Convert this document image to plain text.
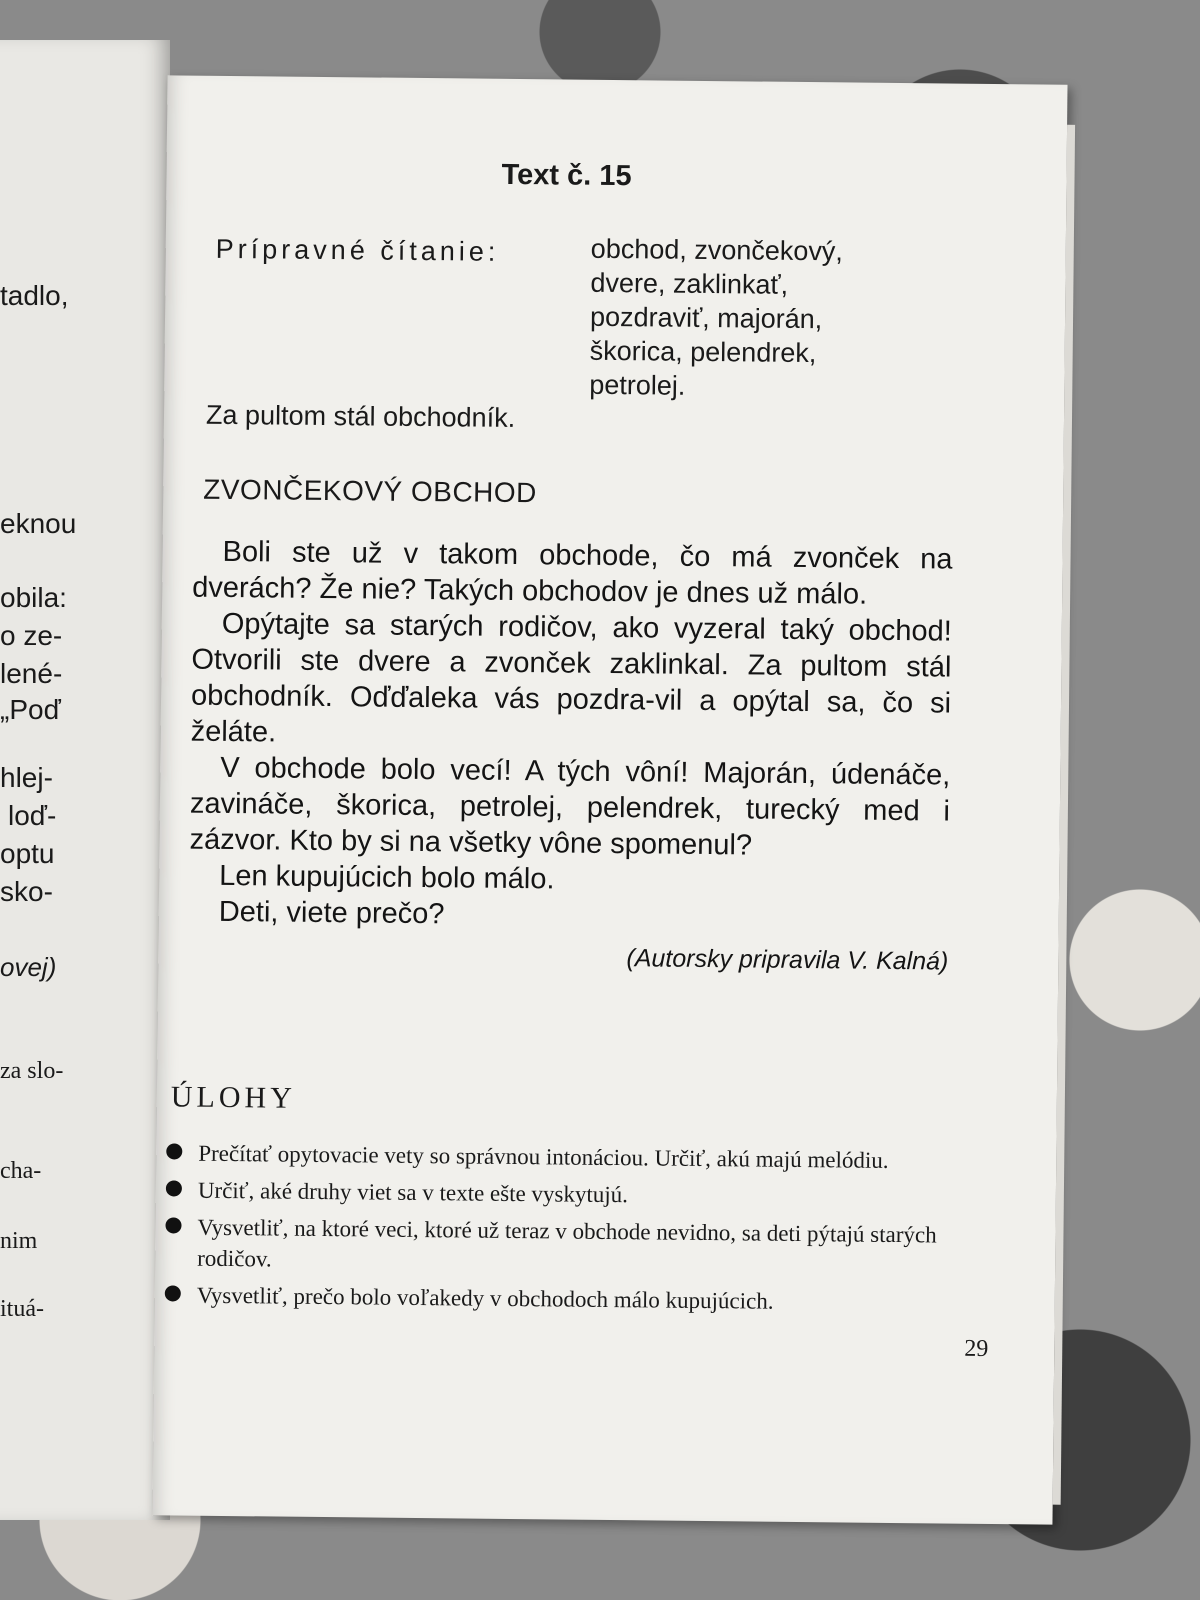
tadlo,
eknou
obila:
o ze-
lené-
„Poď
hlej-
loď-
optu
sko-
ovej)
za slo-
cha-
nim
ituá-
Text č. 15
Prípravné čítanie:	obchod, zvončekový,
dvere, zaklinkať,
pozdraviť, majorán,
škorica, pelendrek,
petrolej.
Za pultom stál obchodník.
ZVONČEKOVÝ OBCHOD

Boli ste už v takom obchode, čo má zvonček na dverách? Že nie? Takých obchodov je dnes už málo.

Opýtajte sa starých rodičov, ako vyzeral taký obchod! Otvorili ste dvere a zvonček zaklinkal. Za pultom stál obchodník. Oďďaleka vás pozdra-vil a opýtal sa, čo si želáte.

V obchode bolo vecí! A tých vôní! Majorán, údenáče, zavináče, škorica, petrolej, pelendrek, turecký med i zázvor. Kto by si na všetky vône spomenul?

Len kupujúcich bolo málo.

Deti, viete prečo?

(Autorsky pripravila V. Kalná)

ÚLOHY
Prečítať opytovacie vety so správnou intonáciou. Určiť, akú majú melódiu.
Určiť, aké druhy viet sa v texte ešte vyskytujú.
Vysvetliť, na ktoré veci, ktoré už teraz v obchode nevidno, sa deti pýtajú starých rodičov.
Vysvetliť, prečo bolo voľakedy v obchodoch málo kupujúcich.
29
